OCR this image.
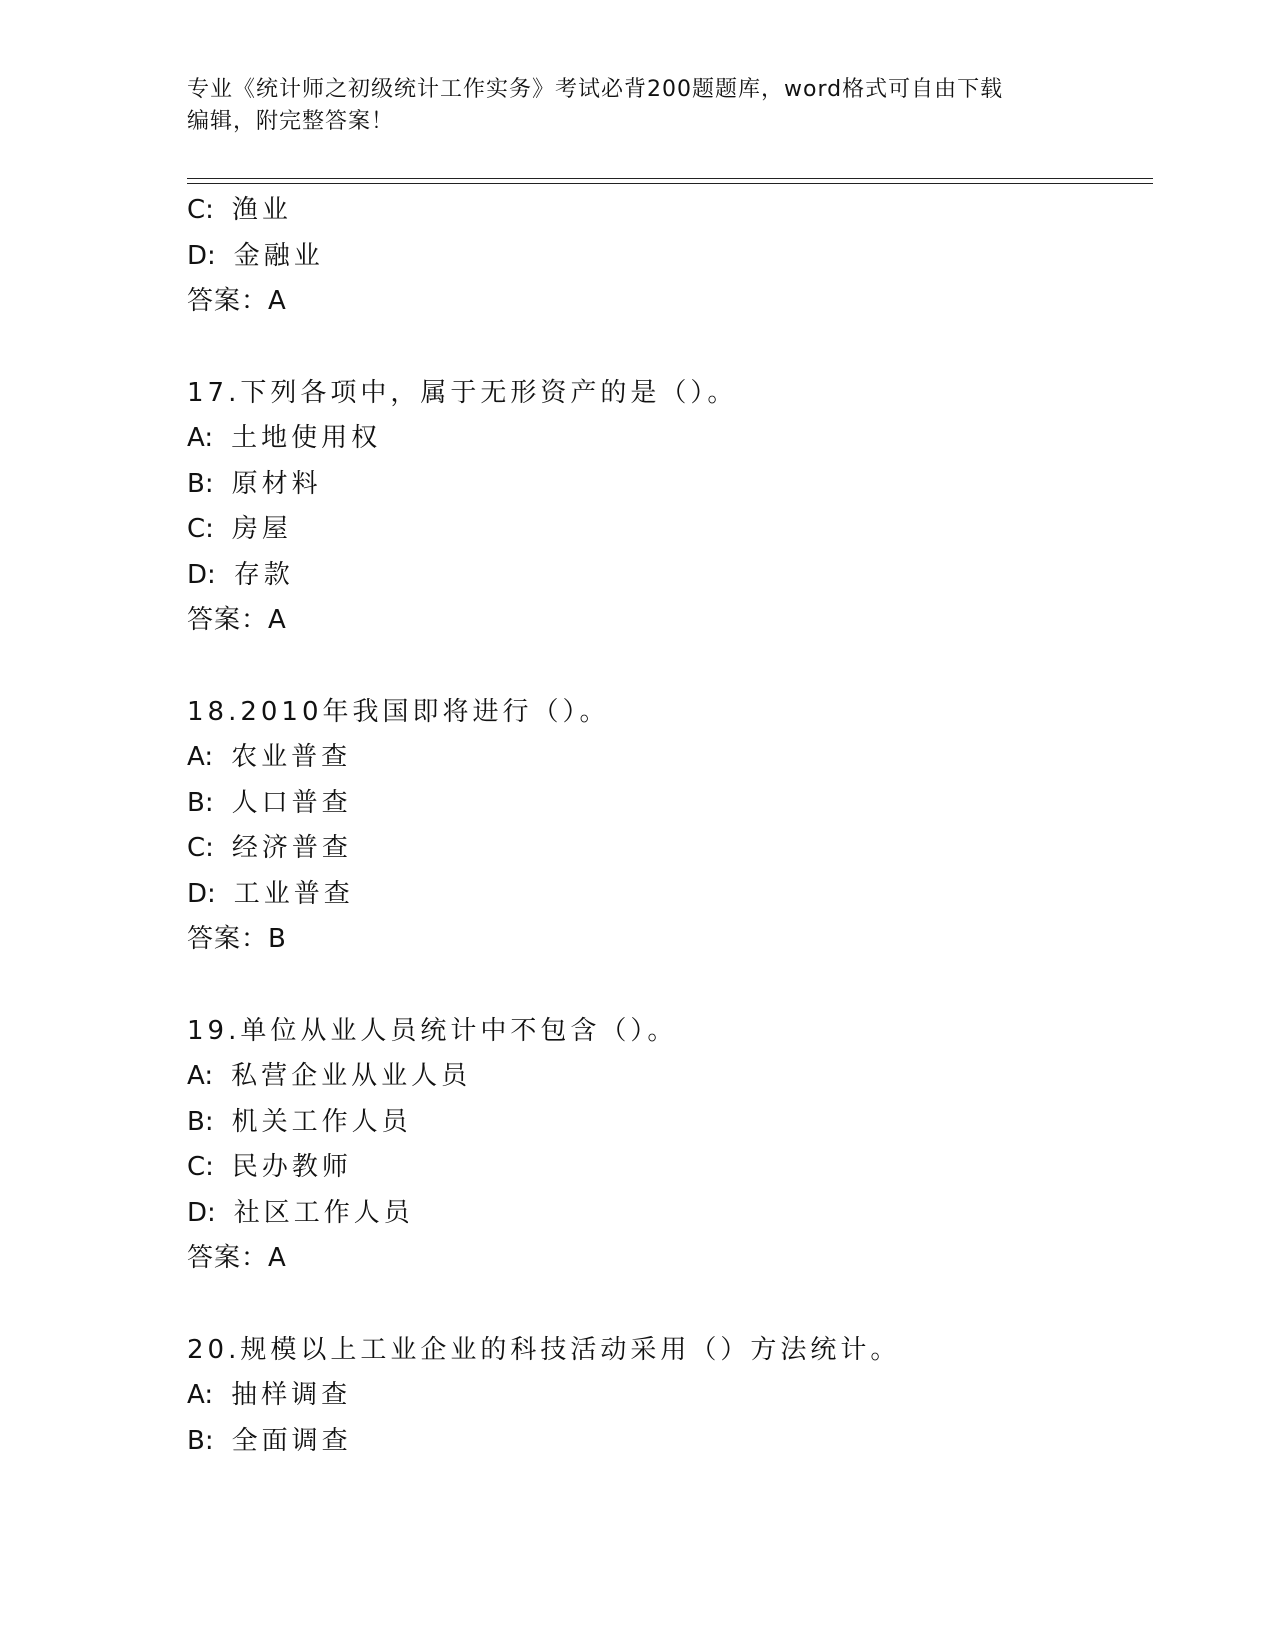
专业《统计师之初级统计工作实务》考试必背200题题库，word格式可自由下载
编辑，附完整答案！
C: 渔业
D: 金融业
答案：A
17.下列各项中，属于无形资产的是（）。
A: 土地使用权
B: 原材料
C: 房屋
D: 存款
答案：A
18.2010年我国即将进行（）。
A: 农业普查
B: 人口普查
C: 经济普查
D: 工业普查
答案：B
19.单位从业人员统计中不包含（）。
A: 私营企业从业人员
B: 机关工作人员
C: 民办教师
D: 社区工作人员
答案：A
20.规模以上工业企业的科技活动采用（）方法统计。
A: 抽样调查
B: 全面调查
